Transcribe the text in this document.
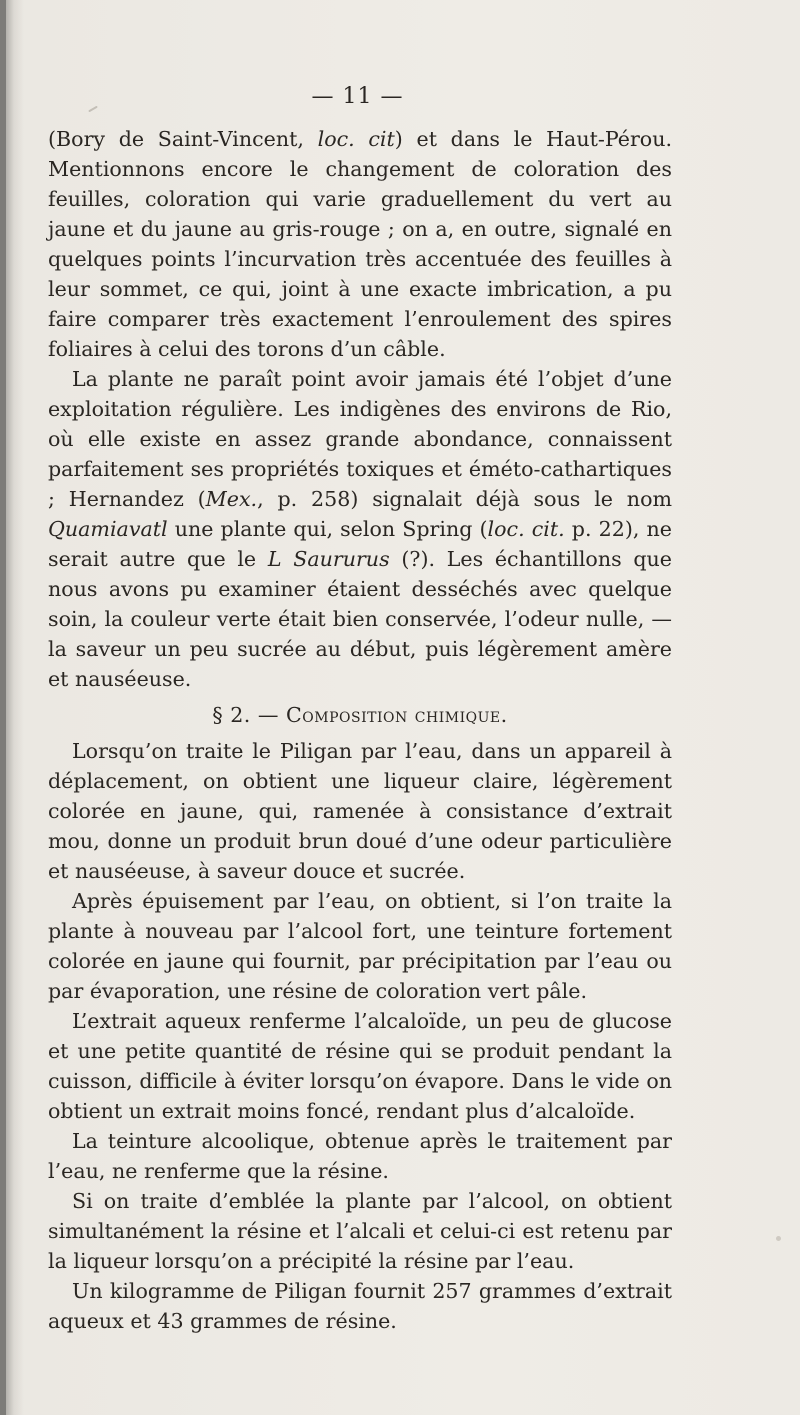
— 11 —

(Bory de Saint-Vincent, loc. cit) et dans le Haut-Pérou. Mentionnons encore le changement de coloration des feuilles, coloration qui varie graduellement du vert au jaune et du jaune au gris-rouge ; on a, en outre, signalé en quelques points l’incurvation très accentuée des feuilles à leur sommet, ce qui, joint à une exacte imbrication, a pu faire comparer très exactement l’enroulement des spires foliaires à celui des torons d’un câble.

La plante ne paraît point avoir jamais été l’objet d’une exploitation régulière. Les indigènes des environs de Rio, où elle existe en assez grande abondance, connaissent parfaitement ses propriétés toxiques et éméto-cathartiques ; Hernandez (Mex., p. 258) signalait déjà sous le nom Quamiavatl une plante qui, selon Spring (loc. cit. p. 22), ne serait autre que le L Saururus (?). Les échantillons que nous avons pu examiner étaient desséchés avec quelque soin, la couleur verte était bien conservée, l’odeur nulle, — la saveur un peu sucrée au début, puis légèrement amère et nauséeuse.

§ 2. — Composition chimique.

Lorsqu’on traite le Piligan par l’eau, dans un appareil à déplacement, on obtient une liqueur claire, légèrement colorée en jaune, qui, ramenée à consistance d’extrait mou, donne un produit brun doué d’une odeur particulière et nauséeuse, à saveur douce et sucrée.

Après épuisement par l’eau, on obtient, si l’on traite la plante à nouveau par l’alcool fort, une teinture fortement colorée en jaune qui fournit, par précipitation par l’eau ou par évaporation, une résine de coloration vert pâle.

L’extrait aqueux renferme l’alcaloïde, un peu de glucose et une petite quantité de résine qui se produit pendant la cuisson, difficile à éviter lorsqu’on évapore. Dans le vide on obtient un extrait moins foncé, rendant plus d’alcaloïde.

La teinture alcoolique, obtenue après le traitement par l’eau, ne renferme que la résine.

Si on traite d’emblée la plante par l’alcool, on obtient simultanément la résine et l’alcali et celui-ci est retenu par la liqueur lorsqu’on a précipité la résine par l’eau.

Un kilogramme de Piligan fournit 257 grammes d’extrait aqueux et 43 grammes de résine.
